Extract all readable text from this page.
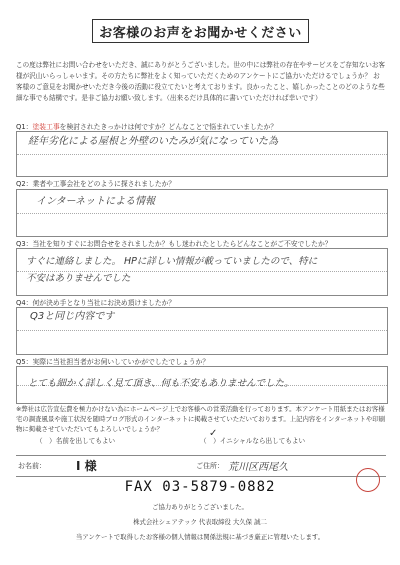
お客様のお声をお聞かせください
この度は弊社にお問い合わせをいただき、誠にありがとうございました。世の中には弊社の存在やサービスをご存知ないお客様が沢山いらっしゃいます。その方たちに弊社をよく知っていただくためのアンケートにご協力いただけるでしょうか？ お客様のご意見をお聞かせいただき今後の活動に役立てたいと考えております。良かったこと、嬉しかったことのどのような些細な事でも結構です。是非ご協力お願い致します。（出来るだけ具体的に書いていただければ幸いです）
Q1：塗装工事を検討されたきっかけは何ですか？どんなことで悩まれていましたか？
経年劣化による屋根と外壁のいたみが気になっていた為
Q2：業者や工事会社をどのように探されましたか？
インターネットによる情報
Q3：当社を知りすぐにお問合せをされましたか？もし迷われたとしたらどんなことがご不安でしたか？
すぐに連絡しました。 HPに詳しい情報が載っていましたので、特に
不安はありませんでした
Q4：何が決め手となり当社にお決め頂けましたか？
Q3と同じ内容です
Q5：実際に当社担当者がお伺いしていかがでしたでしょうか？
とても細かく詳しく見て頂き、何も不安もありませんでした。
※弊社は広告宣伝費を極力かけない為にホームページ上でお客様への営業活動を行っております。本アンケート用紙またはお客様宅の調査風景や施工状況を随時ブログ形式のインターネットに掲載させていただいております。上記内容をインターネットや印刷物に掲載させていただいてもよろしいでしょうか？
（　）名前を出してもよい	（　）イニシャルなら出してもよい
✓
お名前：	I 様	ご住所： 荒川区西尾久
FAX 03-5879-0882
ご協力ありがとうございました。
株式会社シェアテック 代表取締役 大久保 誠二
当アンケートで取得したお客様の個人情報は関係法規に基づき厳正に管理いたします。
